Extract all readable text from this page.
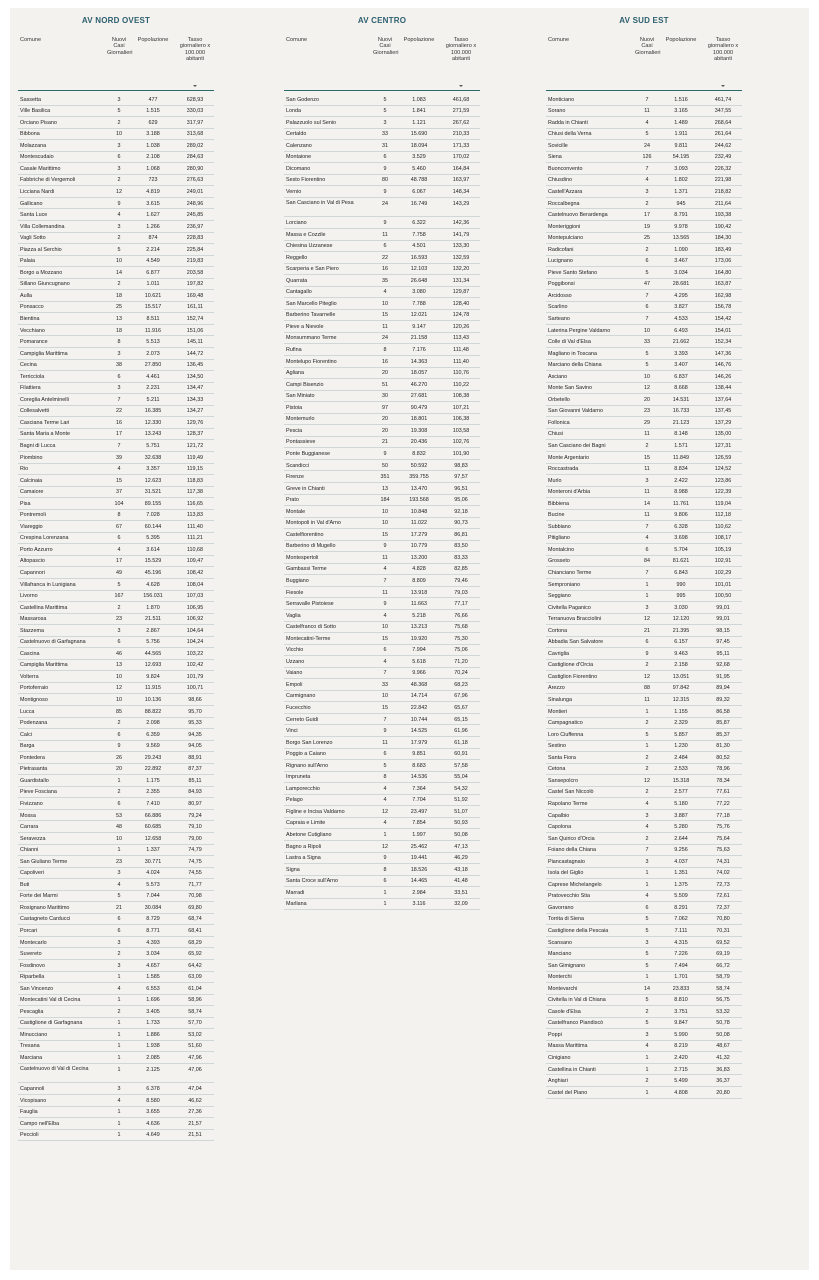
AV NORD OVEST
Comune	Nuovi Casi
Giornalieri
Popolazione	Tasso
giornaliero x
100.000
abitanti
Sassetta	3	477	628,93
Ville Basilica	5	1.515	330,03
Orciano Pisano	2	629	317,97
Bibbona	10	3.188	313,68
Molazzana	3	1.038	289,02
Montescudaio	6	2.108	284,63
Casale Marittimo	3	1.068	280,90
Fabbriche di Vergemoli	2	723	276,63
Licciana Nardi	12	4.819	249,01
Gallicano	9	3.615	248,96
Santa Luce	4	1.627	245,85
Villa Collemandina	3	1.266	236,97
Vagli Sotto	2	874	228,83
Piazza al Serchio	5	2.214	225,84
Palaia	10	4.549	219,83
Borgo a Mozzano	14	6.877	203,58
Sillano Giuncugnano	2	1.011	197,82
Aulla	18	10.621	169,48
Ponsacco	25	15.517	161,11
Bientina	13	8.511	152,74
Vecchiano	18	11.916	151,06
Pomarance	8	5.513	145,11
Campiglia Marittima	3	2.073	144,72
Cecina	38	27.850	136,45
Terricciola	6	4.461	134,50
Filattiera	3	2.231	134,47
Coreglia Antelminelli	7	5.211	134,33
Collesalvetti	22	16.385	134,27
Casciana Terme Lari	16	12.330	129,76
Santa Maria a Monte	17	13.243	128,37
Bagni di Lucca	7	5.751	121,72
Piombino	39	32.638	119,49
Rio	4	3.357	119,15
Calcinaia	15	12.623	118,83
Camaiore	37	31.521	117,38
Pisa	104	89.155	116,65
Pontremoli	8	7.028	113,83
Viareggio	67	60.144	111,40
Crespina Lorenzana	6	5.395	111,21
Porto Azzurro	4	3.614	110,68
Altopascio	17	15.529	109,47
Capannori	49	45.196	108,42
Villafranca in Lunigiana	5	4.628	108,04
Livorno	167	156.031	107,03
Castellina Marittima	2	1.870	106,95
Massarosa	23	21.511	106,92
Stazzema	3	2.867	104,64
Castelnuovo di Garfagnana	6	5.756	104,24
Cascina	46	44.565	103,22
Campiglia Marittima	13	12.693	102,42
Volterra	10	9.824	101,79
Portoferraio	12	11.915	100,71
Montignoso	10	10.136	98,66
Lucca	85	88.822	95,70
Podenzana	2	2.098	95,33
Calci	6	6.359	94,35
Barga	9	9.569	94,05
Pontedera	26	29.243	88,91
Pietrasanta	20	22.892	87,37
Guardistallo	1	1.175	85,11
Pieve Fosciana	2	2.355	84,93
Fivizzano	6	7.410	80,97
Mossa	53	66.886	79,24
Carrara	48	60.685	79,10
Seravezza	10	12.658	79,00
Chianni	1	1.337	74,79
San Giuliano Terme	23	30.771	74,75
Capoliveri	3	4.024	74,55
Buti	4	5.573	71,77
Forte dei Marmi	5	7.044	70,98
Rosignano Marittimo	21	30.084	69,80
Castagneto Carducci	6	8.729	68,74
Porcari	6	8.771	68,41
Montecarlo	3	4.393	68,29
Suvereto	2	3.034	65,92
Fosdinovo	3	4.657	64,42
Riparbella	1	1.585	63,09
San Vincenzo	4	6.553	61,04
Montecatini Val di Cecina	1	1.696	58,96
Pescaglia	2	3.405	58,74
Castiglione di Garfagnana	1	1.733	57,70
Minucciano	1	1.886	53,02
Tresana	1	1.938	51,60
Marciana	1	2.085	47,96
Castelnuovo di Val di Cecina	1	2.125	47,06
Capannoli	3	6.378	47,04
Vicopisano	4	8.580	46,62
Fauglia	1	3.655	27,36
Campo nell'Elba	1	4.636	21,57
Peccioli	1	4.649	21,51
AV CENTRO
Comune	Nuovi Casi
Giornalieri
Popolazione	Tasso
giornaliero x
100.000
abitanti
San Godenzo	5	1.083	461,68
Londa	5	1.841	271,59
Palazzuolo sul Senio	3	1.121	267,62
Certaldo	33	15.690	210,33
Calenzano	31	18.094	171,33
Montaione	6	3.529	170,02
Dicomano	9	5.460	164,84
Sesto Fiorentino	80	48.788	163,97
Vernio	9	6.067	148,34
San Casciano in Val di Pesa	24	16.749	143,29
Lorciano	9	6.322	142,36
Massa e Cozzile	11	7.758	141,79
Chiesina Uzzanese	6	4.501	133,30
Reggello	22	16.593	132,59
Scarperia e San Piero	16	12.103	132,20
Quarrata	35	26.648	131,34
Cantagallo	4	3.080	129,87
San Marcello Piteglio	10	7.788	128,40
Barberino Tavarnelle	15	12.021	124,78
Pieve a Nievole	11	9.147	120,26
Monsummano Terme	24	21.158	113,43
Rufina	8	7.176	111,48
Montelupo Fiorentino	16	14.363	111,40
Agliana	20	18.057	110,76
Campi Bisenzio	51	46.270	110,22
San Miniato	30	27.681	108,38
Pistoia	97	90.479	107,21
Montemurlo	20	18.801	106,38
Pescia	20	19.308	103,58
Pontassieve	21	20.436	102,76
Ponte Buggianese	9	8.832	101,90
Scandicci	50	50.592	98,83
Firenze	351	359.755	97,57
Greve in Chianti	13	13.470	96,51
Prato	184	193.568	95,06
Montale	10	10.848	92,18
Montopoli in Val d'Arno	10	11.022	90,73
Castelfiorentino	15	17.279	86,81
Barberino di Mugello	9	10.779	83,50
Montespertoli	11	13.200	83,33
Gambassi Terme	4	4.828	82,85
Buggiano	7	8.809	79,46
Fiesole	11	13.918	79,03
Serravalle Pistoiese	9	11.663	77,17
Vaglia	4	5.218	76,66
Castelfranco di Sotto	10	13.213	75,68
Montecatini-Terme	15	19.920	75,30
Vicchio	6	7.994	75,06
Uzzano	4	5.618	71,20
Vaiano	7	9.966	70,24
Empoli	33	48.368	68,23
Carmignano	10	14.714	67,96
Fucecchio	15	22.842	65,67
Cerreto Guidi	7	10.744	65,15
Vinci	9	14.525	61,96
Borgo San Lorenzo	11	17.979	61,18
Poggio a Caiano	6	9.851	60,91
Rignano sull'Arno	5	8.683	57,58
Impruneta	8	14.536	55,04
Lamporecchio	4	7.364	54,32
Pelago	4	7.704	51,92
Figline e Incisa Valdarno	12	23.497	51,07
Capraia e Limite	4	7.854	50,93
Abetone Cutigliano	1	1.997	50,08
Bagno a Ripoli	12	25.462	47,13
Lastra a Signa	9	19.441	46,29
Signa	8	18.526	43,18
Santa Croce sull'Arno	6	14.465	41,48
Marradi	1	2.984	33,51
Marliana	1	3.116	32,09
AV SUD EST
Comune	Nuovi Casi
Giornalieri
Popolazione	Tasso
giornaliero x
100.000
abitanti
Monticiano	7	1.516	461,74
Sorano	11	3.165	347,55
Radda in Chianti	4	1.489	268,64
Chiusi della Verna	5	1.911	261,64
Sovicille	24	9.811	244,62
Siena	126	54.195	232,49
Buonconvento	7	3.093	226,32
Chiusdino	4	1.802	221,98
Castell'Azzara	3	1.371	218,82
Roccalbegna	2	945	211,64
Castelnuovo Berardenga	17	8.791	193,38
Monteriggioni	19	9.978	190,42
Montepulciano	25	13.565	184,30
Radicofani	2	1.090	183,49
Lucignano	6	3.467	173,06
Pieve Santo Stefano	5	3.034	164,80
Poggibonsi	47	28.681	163,87
Arcidosso	7	4.295	162,98
Scarlino	6	3.827	156,78
Sarteano	7	4.533	154,42
Laterina Pergine Valdarno	10	6.493	154,01
Colle di Val d'Elsa	33	21.662	152,34
Magliano in Toscana	5	3.393	147,36
Marciano della Chiana	5	3.407	146,76
Asciano	10	6.837	146,26
Monte San Savino	12	8.668	138,44
Orbetello	20	14.531	137,64
San Giovanni Valdarno	23	16.733	137,45
Follonica	29	21.123	137,29
Chiusi	11	8.148	135,00
San Casciano dei Bagni	2	1.571	127,31
Monte Argentario	15	11.849	126,59
Roccastrada	11	8.834	124,52
Murlo	3	2.422	123,86
Monteroni d'Arbia	11	8.988	122,39
Bibbiena	14	11.761	119,04
Bucine	11	9.806	112,18
Subbiano	7	6.328	110,62
Pitigliano	4	3.698	108,17
Montalcino	6	5.704	105,19
Grosseto	84	81.621	102,91
Chianciano Terme	7	6.843	102,29
Semproniano	1	990	101,01
Seggiano	1	995	100,50
Civitella Paganico	3	3.030	99,01
Terranuova Bracciolini	12	12.120	99,01
Cortona	21	21.395	98,15
Abbadia San Salvatore	6	6.157	97,45
Cavriglia	9	9.463	95,11
Castiglione d'Orcia	2	2.158	92,68
Castiglion Fiorentino	12	13.051	91,95
Arezzo	88	97.842	89,94
Sinalunga	11	12.315	89,32
Montieri	1	1.155	86,58
Campagnatico	2	2.329	85,87
Loro Ciuffenna	5	5.857	85,37
Sestino	1	1.230	81,30
Santa Fiora	2	2.484	80,52
Cetona	2	2.533	78,96
Sansepolcro	12	15.318	78,34
Castel San Niccolò	2	2.577	77,61
Rapolano Terme	4	5.180	77,22
Capalbio	3	3.887	77,18
Capolona	4	5.280	75,76
San Quirico d'Orcia	2	2.644	75,64
Foiano della Chiana	7	9.256	75,63
Piancastagnaio	3	4.037	74,31
Isola del Giglio	1	1.351	74,02
Caprese Michelangelo	1	1.375	72,73
Pratovecchio Stia	4	5.509	72,61
Gavorrano	6	8.291	72,37
Torrita di Siena	5	7.062	70,80
Castiglione della Pescaia	5	7.111	70,31
Scansano	3	4.315	69,52
Manciano	5	7.226	69,19
San Gimignano	5	7.494	66,72
Monterchi	1	1.701	58,79
Montevarchi	14	23.833	58,74
Civitella in Val di Chiana	5	8.810	56,75
Casole d'Elsa	2	3.751	53,32
Castelfranco Piandiscò	5	9.847	50,78
Poppi	3	5.990	50,08
Massa Marittima	4	8.219	48,67
Cinigiano	1	2.420	41,32
Castellina in Chianti	1	2.715	36,83
Anghiari	2	5.499	36,37
Castel del Piano	1	4.808	20,80
